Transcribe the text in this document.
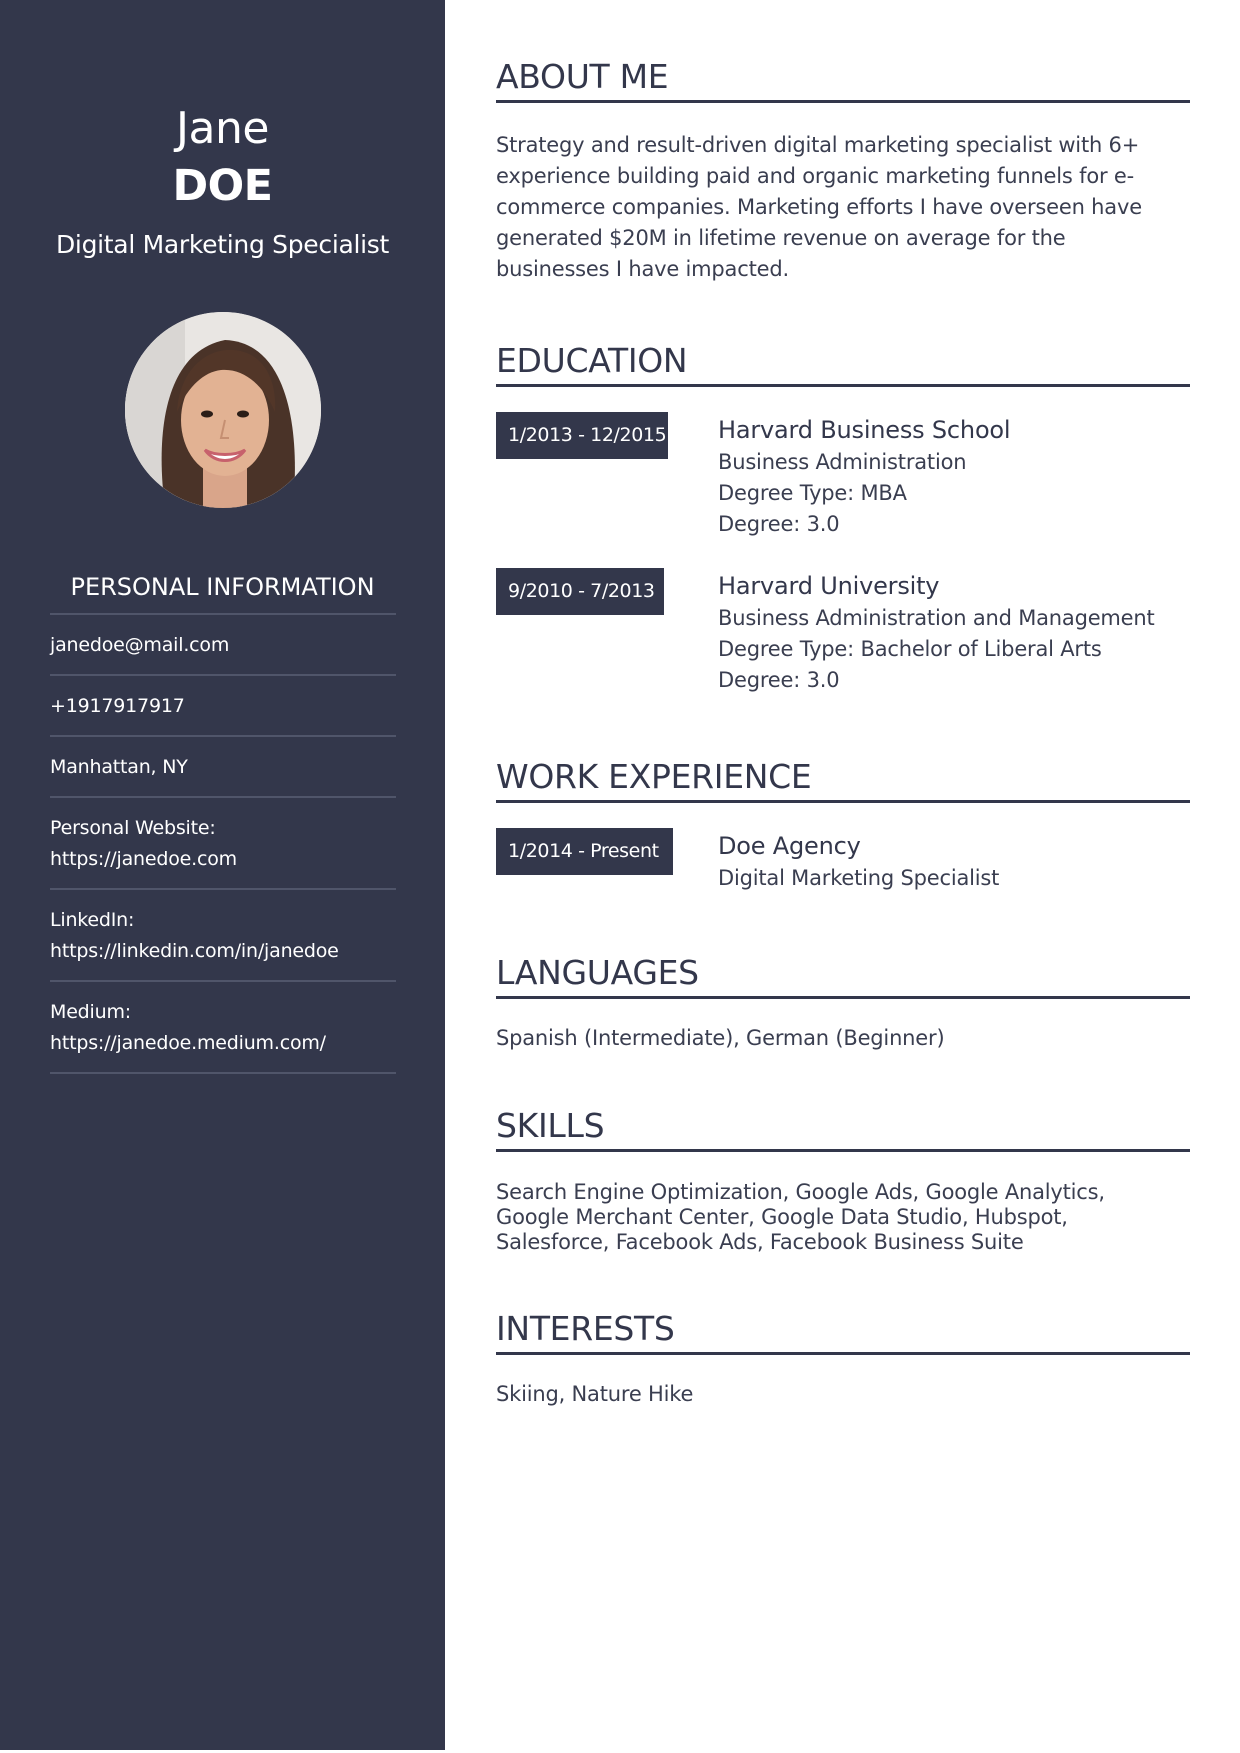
Jane
DOE
Digital Marketing Specialist
PERSONAL INFORMATION
janedoe@mail.com
+1917917917
Manhattan, NY
Personal Website:
https://janedoe.com
LinkedIn:
https://linkedin.com/in/janedoe
Medium:
https://janedoe.medium.com/
ABOUT ME
Strategy and result-driven digital marketing specialist with 6+
experience building paid and organic marketing funnels for e-
commerce companies. Marketing efforts I have overseen have
generated $20M in lifetime revenue on average for the
businesses I have impacted.
EDUCATION
1/2013 - 12/2015 Harvard Business School
Business Administration
Degree Type: MBA
Degree: 3.0
9/2010 - 7/2013	Harvard University
Business Administration and Management
Degree Type: Bachelor of Liberal Arts
Degree: 3.0
WORK EXPERIENCE
1/2014 - Present	Doe Agency
Digital Marketing Specialist
LANGUAGES
Spanish (Intermediate), German (Beginner)
SKILLS
Search Engine Optimization, Google Ads, Google Analytics,
Google Merchant Center, Google Data Studio, Hubspot,
Salesforce, Facebook Ads, Facebook Business Suite
INTERESTS
Skiing, Nature Hike
